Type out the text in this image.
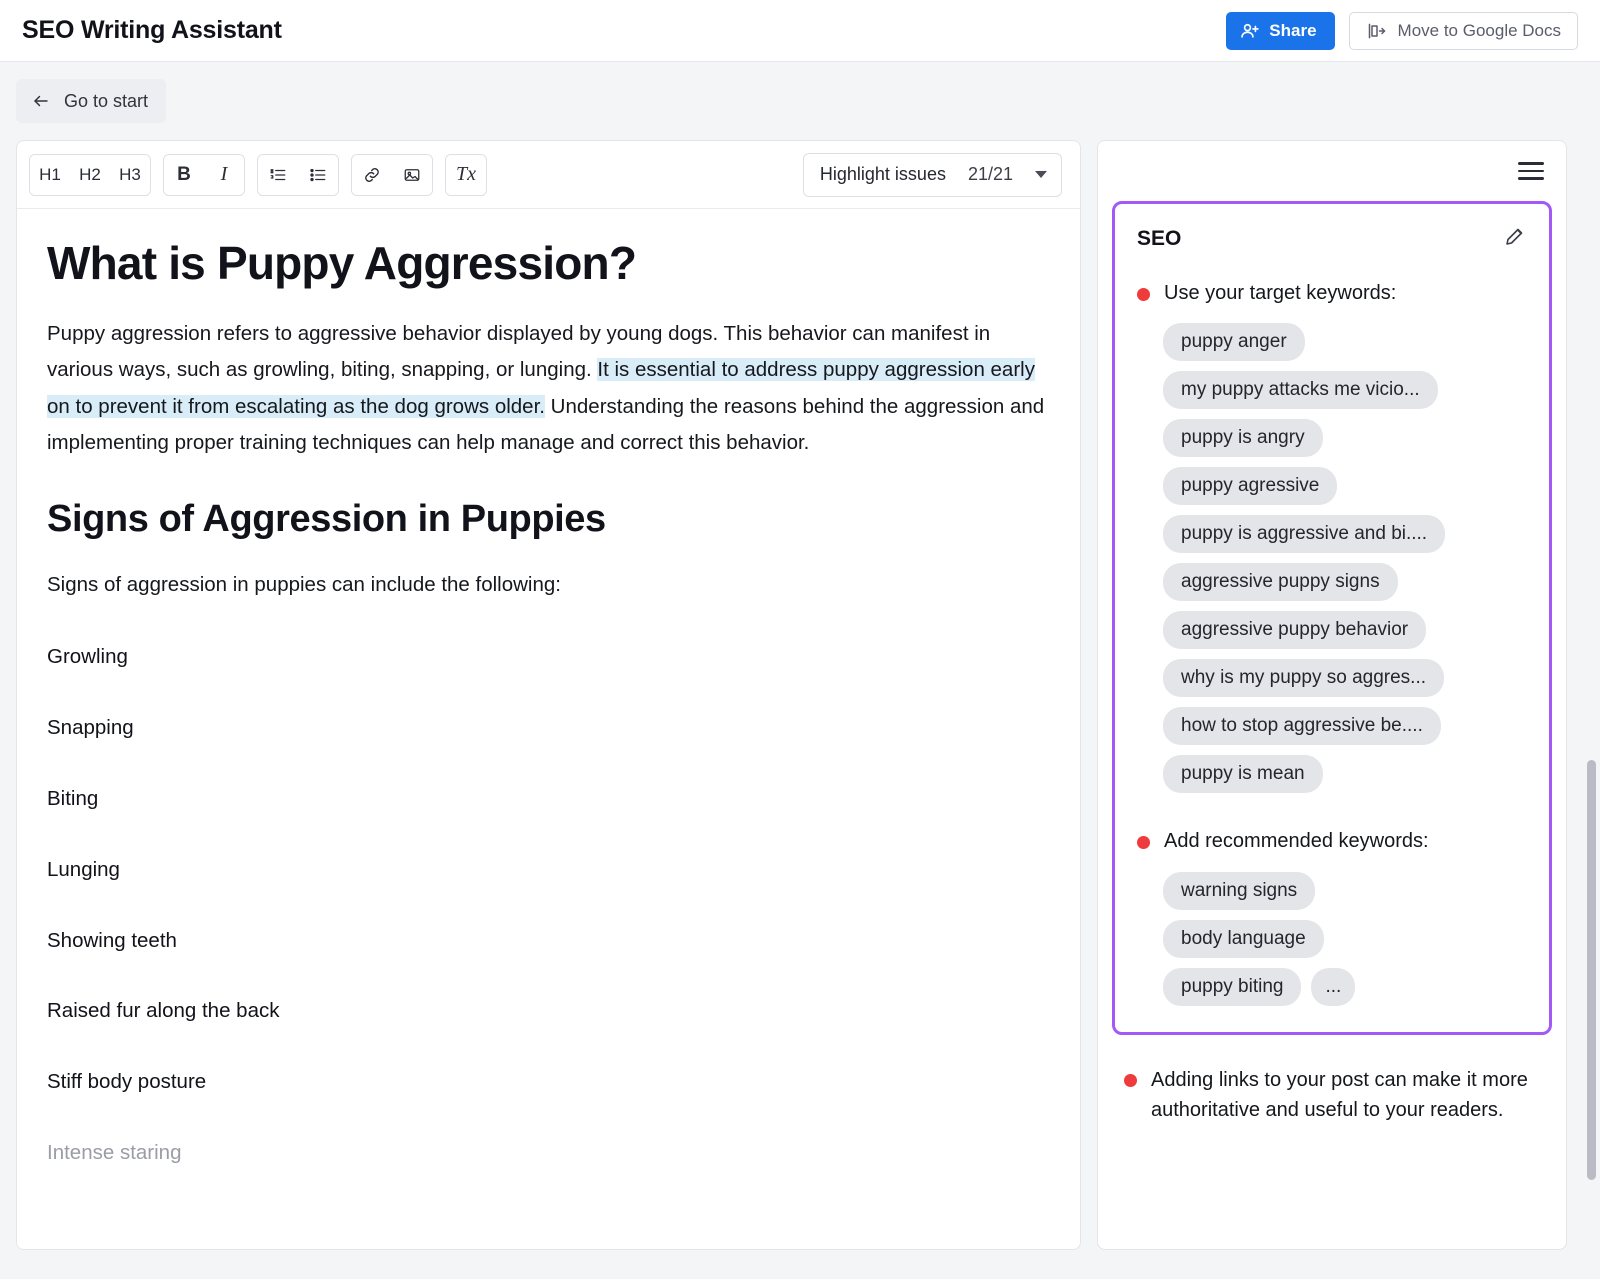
SEO Writing Assistant	Share	Move to Google Docs
Go to start
H1 H2 H3 B I	Tx	Highlight issues 21/21
What is Puppy Aggression?

Puppy aggression refers to aggressive behavior displayed by young dogs. This behavior can manifest in various ways, such as growling, biting, snapping, or lunging. It is essential to address puppy aggression early on to prevent it from escalating as the dog grows older. Understanding the reasons behind the aggression and implementing proper training techniques can help manage and correct this behavior.

Signs of Aggression in Puppies

Signs of aggression in puppies can include the following:

Growling
Snapping
Biting
Lunging
Showing teeth
Raised fur along the back
Stiff body posture
Intense staring
SEO
Use your target keywords:
puppy anger
my puppy attacks me vicio...
puppy is angry
puppy agressive
puppy is aggressive and bi....
aggressive puppy signs
aggressive puppy behavior
why is my puppy so aggres...
how to stop aggressive be....
puppy is mean
Add recommended keywords:
warning signs
body language
puppy biting	...
Adding links to your post can make it more authoritative and useful to your readers.
